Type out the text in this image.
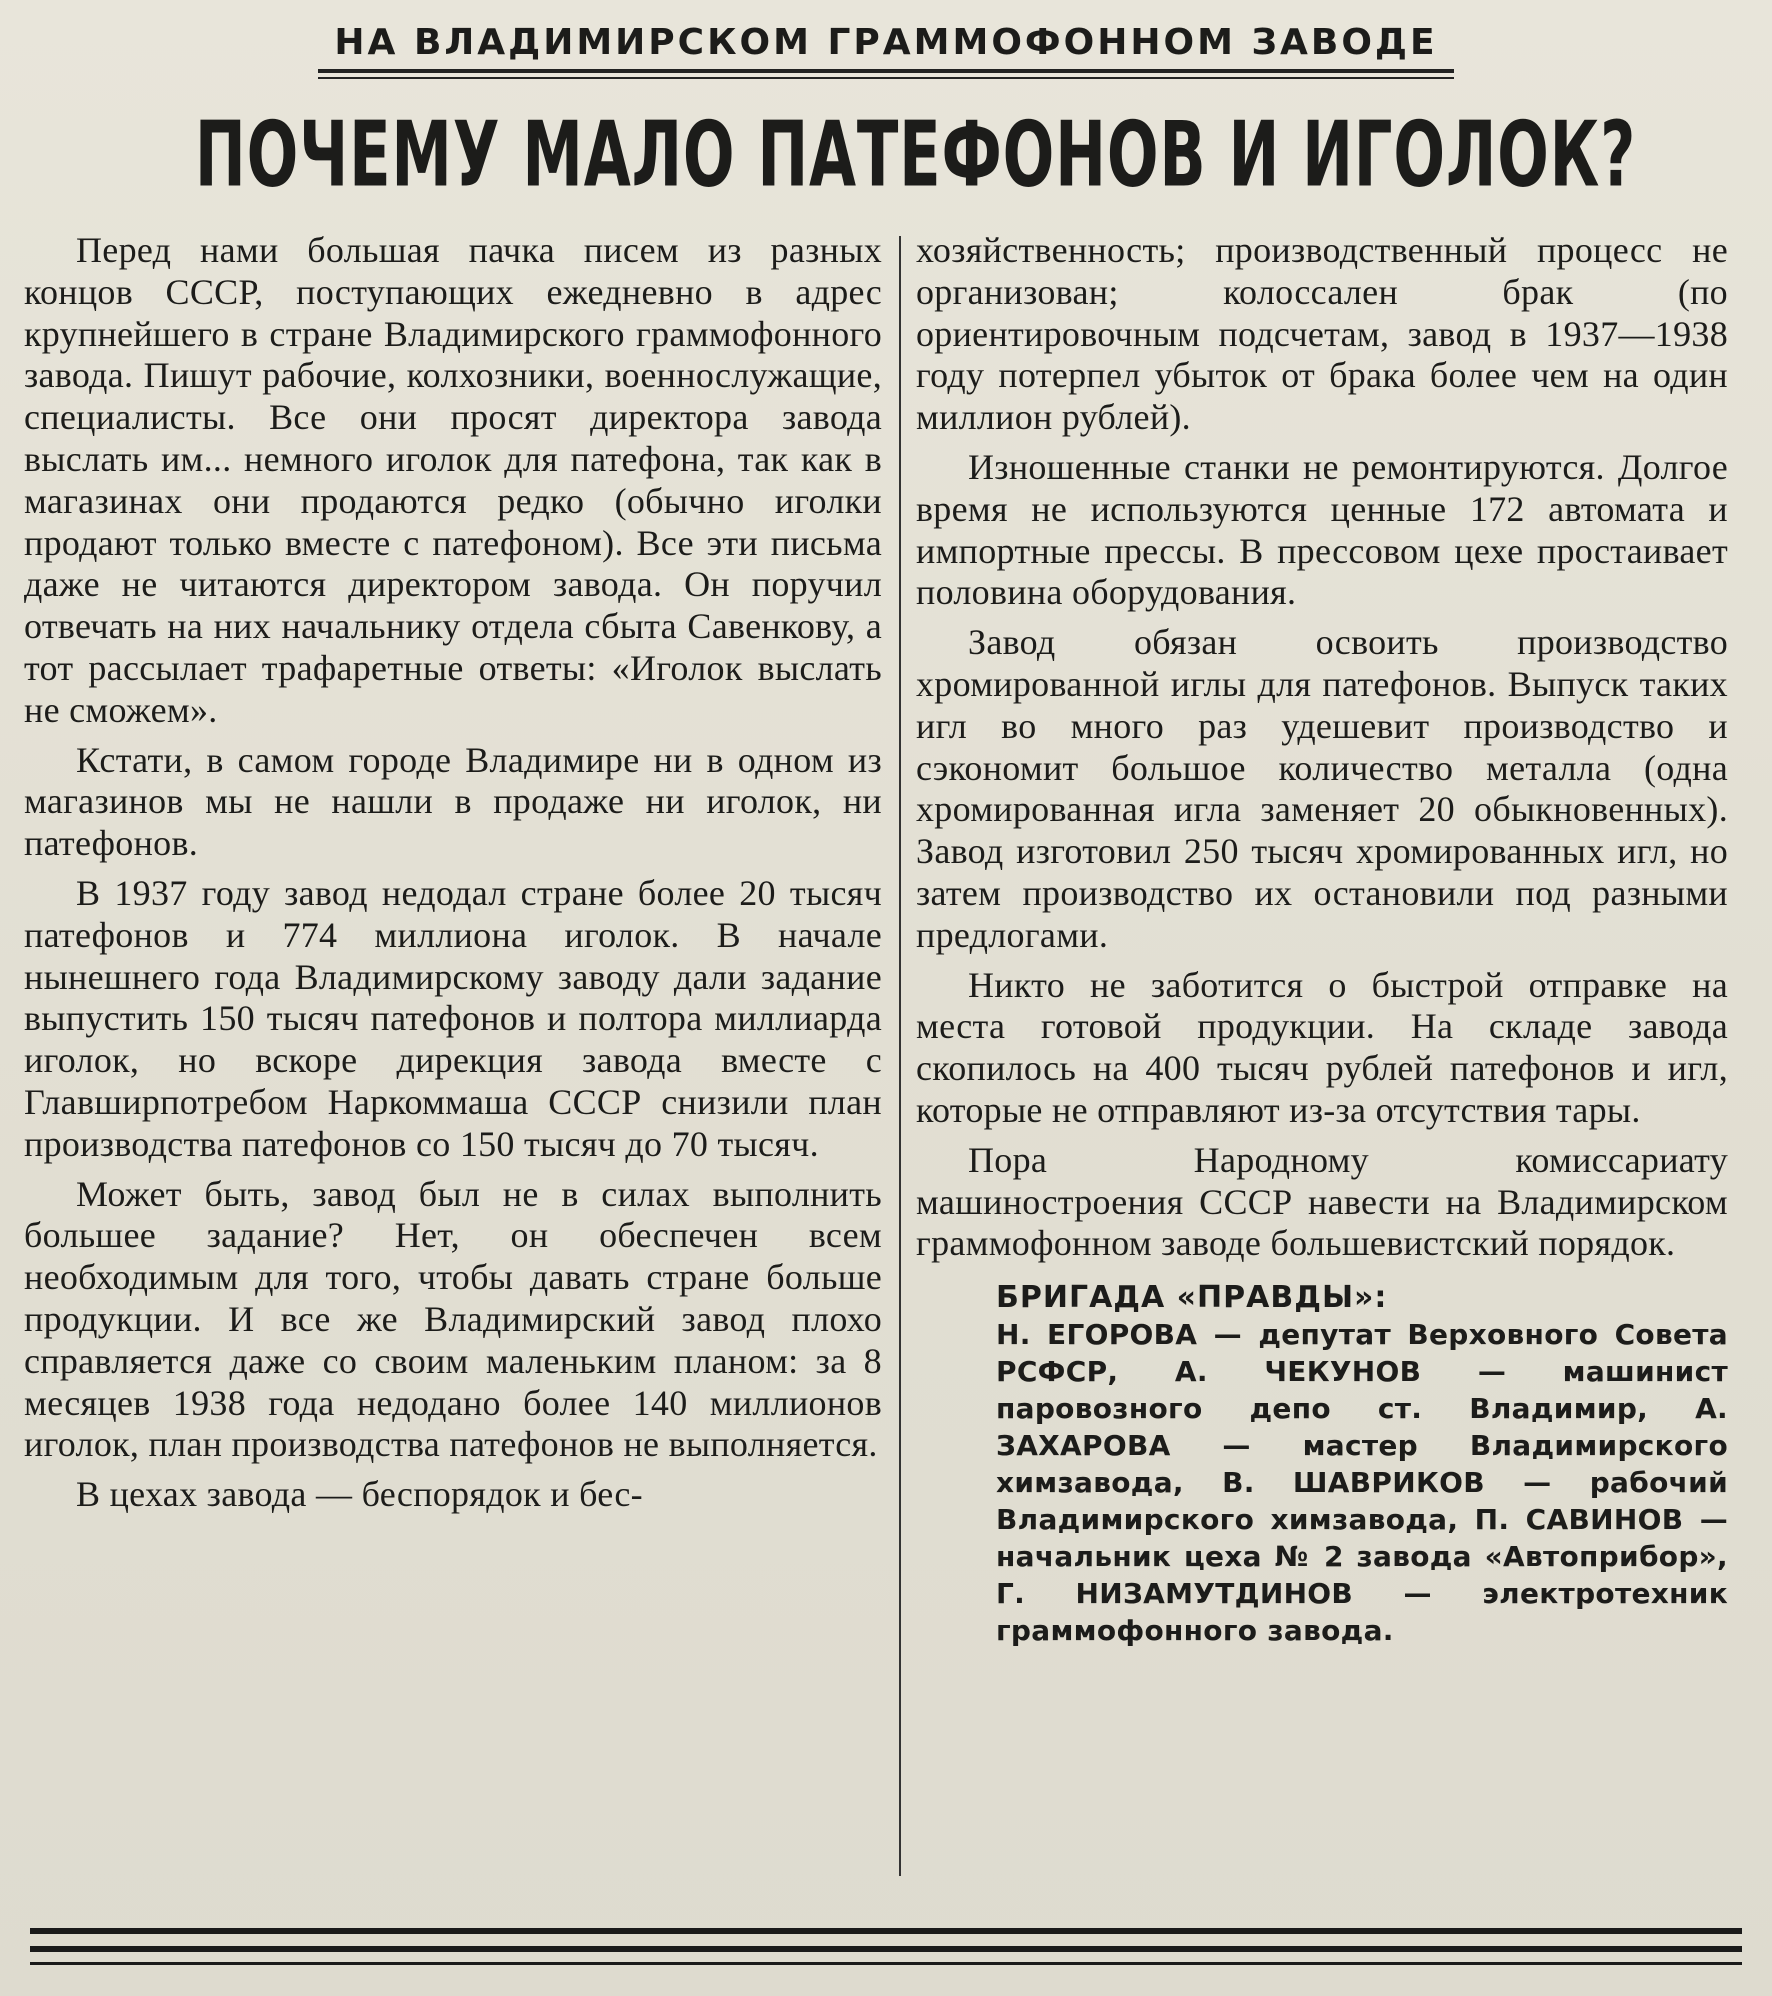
НА ВЛАДИМИРСКОМ ГРАММОФОННОМ ЗАВОДЕ
ПОЧЕМУ МАЛО ПАТЕФОНОВ И ИГОЛОК?

Перед нами большая пачка писем из разных концов СССР, поступающих ежедневно в адрес крупнейшего в стране Владимирского граммофонного завода. Пишут рабочие, колхозники, военнослужащие, специалисты. Все они просят директора завода выслать им... немного иголок для патефона, так как в магазинах они продаются редко (обычно иголки продают только вместе с патефоном). Все эти письма даже не читаются директором завода. Он поручил отвечать на них начальнику отдела сбыта Савенкову, а тот рассылает трафаретные ответы: «Иголок выслать не сможем».

Кстати, в самом городе Владимире ни в одном из магазинов мы не нашли в продаже ни иголок, ни патефонов.

В 1937 году завод недодал стране более 20 тысяч патефонов и 774 миллиона иголок. В начале нынешнего года Владимирскому заводу дали задание выпустить 150 тысяч патефонов и полтора миллиарда иголок, но вскоре дирекция завода вместе с Главширпотребом Наркоммаша СССР снизили план производства патефонов со 150 тысяч до 70 тысяч.

Может быть, завод был не в силах выполнить большее задание? Нет, он обеспечен всем необходимым для того, чтобы давать стране больше продукции. И все же Владимирский завод плохо справляется даже со своим маленьким планом: за 8 месяцев 1938 года недодано более 140 миллионов иголок, план производства патефонов не выполняется.

В цехах завода — беспорядок и бес-

хозяйственность; производственный процесс не организован; колоссален брак (по ориентировочным подсчетам, завод в 1937—1938 году потерпел убыток от брака более чем на один миллион рублей).

Изношенные станки не ремонтируются. Долгое время не используются ценные 172 автомата и импортные прессы. В прессовом цехе простаивает половина оборудования.

Завод обязан освоить производство хромированной иглы для патефонов. Выпуск таких игл во много раз удешевит производство и сэкономит большое количество металла (одна хромированная игла заменяет 20 обыкновенных). Завод изготовил 250 тысяч хромированных игл, но затем производство их остановили под разными предлогами.

Никто не заботится о быстрой отправке на места готовой продукции. На складе завода скопилось на 400 тысяч рублей патефонов и игл, которые не отправляют из-за отсутствия тары.

Пора Народному комиссариату машиностроения СССР навести на Владимирском граммофонном заводе большевистский порядок.

БРИГАДА «ПРАВДЫ»:
Н. ЕГОРОВА — депутат Верховного Совета РСФСР, А. ЧЕКУНОВ — машинист паровозного депо ст. Владимир, А. ЗАХАРОВА — мастер Владимирского химзавода, В. ШАВРИКОВ — рабочий Владимирского химзавода, П. САВИНОВ — начальник цеха № 2 завода «Автоприбор», Г. НИЗАМУТДИНОВ — электротехник граммофонного завода.
